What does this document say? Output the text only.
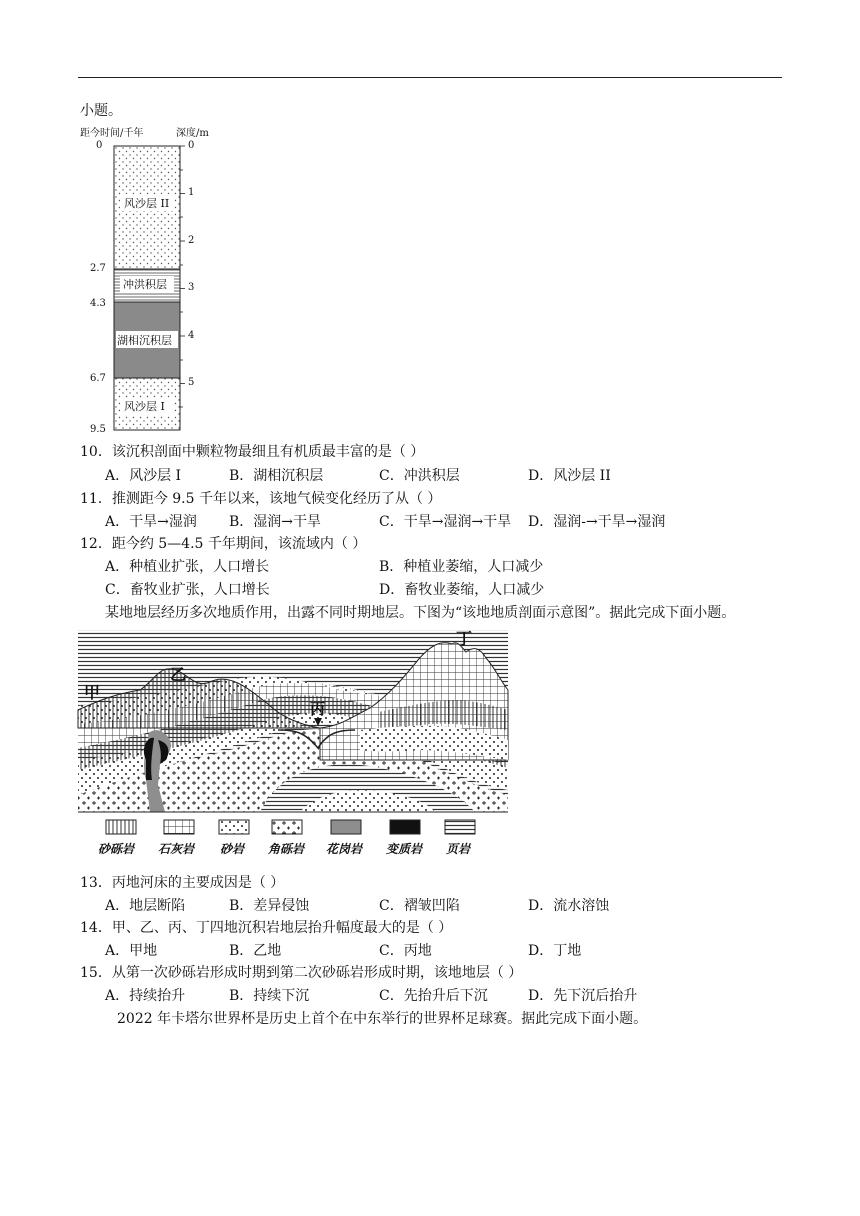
小题。
距今时间/千年	深度/m
0
2.7
4.3
6.7
9.5
0
1
2
3
4
5
风沙层 II
冲洪积层
湖相沉积层
风沙层 I
10．该沉积剖面中颗粒物最细且有机质最丰富的是（ ）
A．风沙层 I	B．湖相沉积层	C．冲洪积层	D．风沙层 II
11．推测距今 9.5 千年以来，该地气候变化经历了从（ ）
A．干旱→湿润 B．湿润→干旱	C．干旱→湿润→干旱 D．湿润-→干旱→湿润
12．距今约 5—4.5 千年期间，该流域内（ ）
A．种植业扩张，人口增长	B．种植业萎缩，人口减少
C．畜牧业扩张，人口增长	D．畜牧业萎缩，人口减少
某地地层经历多次地质作用，出露不同时期地层。下图为“该地地质剖面示意图”。据此完成下面小题。
甲
乙
丙
丁
砂砾岩 石灰岩 砂岩 角砾岩 花岗岩 变质岩 页岩
13．丙地河床的主要成因是（ ）
A．地层断陷	B．差异侵蚀	C．褶皱凹陷	D．流水溶蚀
14．甲、乙、丙、丁四地沉积岩地层抬升幅度最大的是（ ）
A．甲地	B．乙地	C．丙地	D．丁地
15．从第一次砂砾岩形成时期到第二次砂砾岩形成时期，该地地层（ ）
A．持续抬升	B．持续下沉	C．先抬升后下沉	D．先下沉后抬升
2022 年卡塔尔世界杯是历史上首个在中东举行的世界杯足球赛。据此完成下面小题。
